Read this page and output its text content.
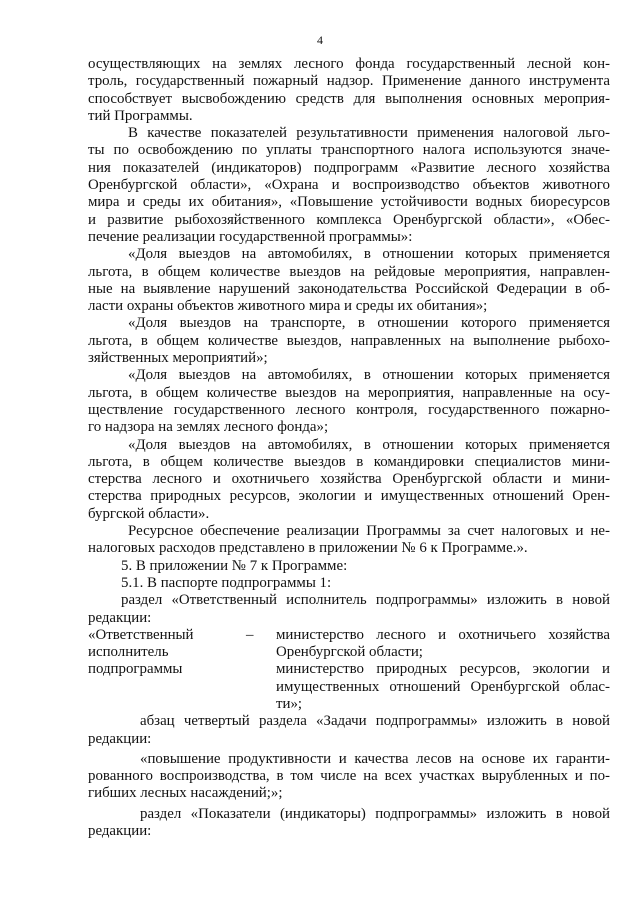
4
осуществляющих на землях лесного фонда государственный лесной кон-
троль, государственный пожарный надзор. Применение данного инструмента
способствует высвобождению средств для выполнения основных мероприя-
тий Программы.
В качестве показателей результативности применения налоговой льго-
ты по освобождению по уплаты транспортного налога используются значе-
ния показателей (индикаторов) подпрограмм «Развитие лесного хозяйства
Оренбургской области», «Охрана и воспроизводство объектов животного
мира и среды их обитания», «Повышение устойчивости водных биоресурсов
и развитие рыбохозяйственного комплекса Оренбургской области», «Обес-
печение реализации государственной программы»:
«Доля выездов на автомобилях, в отношении которых применяется
льгота, в общем количестве выездов на рейдовые мероприятия, направлен-
ные на выявление нарушений законодательства Российской Федерации в об-
ласти охраны объектов животного мира и среды их обитания»;
«Доля выездов на транспорте, в отношении которого применяется
льгота, в общем количестве выездов, направленных на выполнение рыбохо-
зяйственных мероприятий»;
«Доля выездов на автомобилях, в отношении которых применяется
льгота, в общем количестве выездов на мероприятия, направленные на осу-
ществление государственного лесного контроля, государственного пожарно-
го надзора на землях лесного фонда»;
«Доля выездов на автомобилях, в отношении которых применяется
льгота, в общем количестве выездов в командировки специалистов мини-
стерства лесного и охотничьего хозяйства Оренбургской области и мини-
стерства природных ресурсов, экологии и имущественных отношений Орен-
бургской области».
Ресурсное обеспечение реализации Программы за счет налоговых и не-
налоговых расходов представлено в приложении № 6 к Программе.».
5. В приложении № 7 к Программе:
5.1. В паспорте подпрограммы 1:
раздел «Ответственный исполнитель подпрограммы» изложить в новой
редакции:
«Ответственный	–	министерство лесного и охотничьего хозяйства
исполнитель	Оренбургской области;
подпрограммы	министерство природных ресурсов, экологии и
имущественных отношений Оренбургской облас-
ти»;
абзац четвертый раздела «Задачи подпрограммы» изложить в новой
редакции:
«повышение продуктивности и качества лесов на основе их гаранти-
рованного воспроизводства, в том числе на всех участках вырубленных и по-
гибших лесных насаждений;»;
раздел «Показатели (индикаторы) подпрограммы» изложить в новой
редакции:
